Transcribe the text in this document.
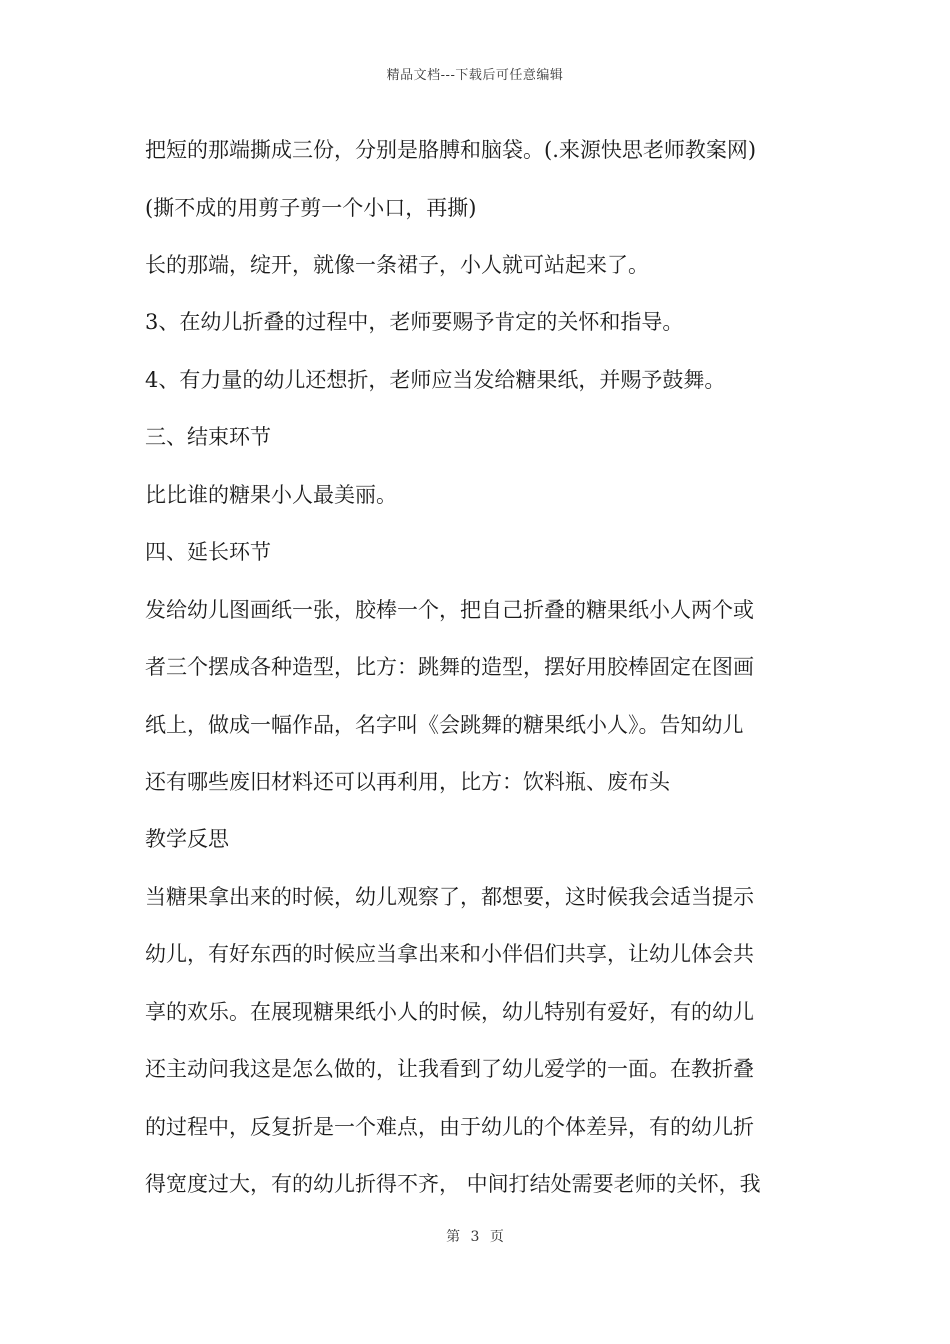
精品文档---下载后可任意编辑
把短的那端撕成三份，分别是胳膊和脑袋。(.来源快思老师教案网)
(撕不成的用剪子剪一个小口，再撕)
长的那端，绽开，就像一条裙子，小人就可站起来了。
3、在幼儿折叠的过程中，老师要赐予肯定的关怀和指导。
4、有力量的幼儿还想折，老师应当发给糖果纸，并赐予鼓舞。
三、结束环节
比比谁的糖果小人最美丽。
四、延长环节
发给幼儿图画纸一张，胶棒一个，把自己折叠的糖果纸小人两个或
者三个摆成各种造型，比方：跳舞的造型，摆好用胶棒固定在图画
纸上，做成一幅作品，名字叫《会跳舞的糖果纸小人》。告知幼儿
还有哪些废旧材料还可以再利用，比方：饮料瓶、废布头
教学反思
当糖果拿出来的时候，幼儿观察了，都想要，这时候我会适当提示
幼儿，有好东西的时候应当拿出来和小伴侣们共享，让幼儿体会共
享的欢乐。在展现糖果纸小人的时候，幼儿特别有爱好，有的幼儿
还主动问我这是怎么做的，让我看到了幼儿爱学的一面。在教折叠
的过程中，反复折是一个难点，由于幼儿的个体差异，有的幼儿折
得宽度过大，有的幼儿折得不齐， 中间打结处需要老师的关怀，我
第 3 页
